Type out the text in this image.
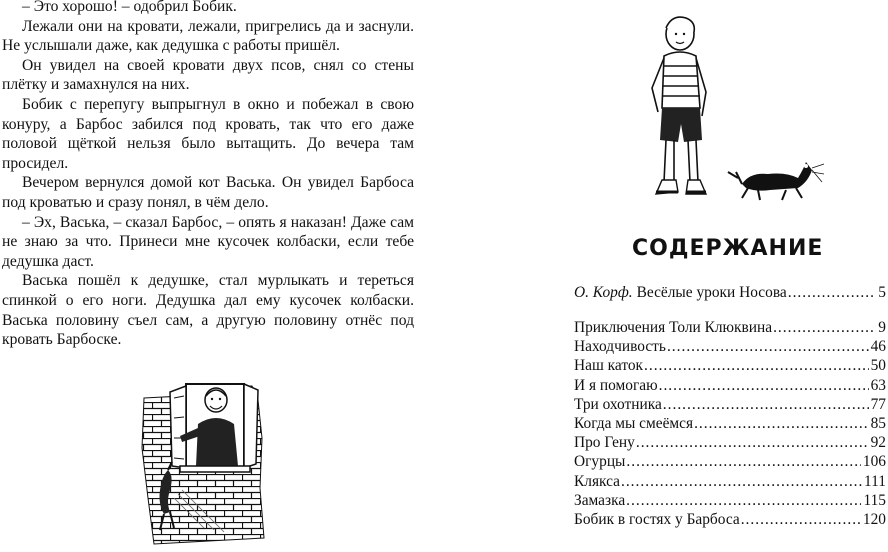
– Это хорошо! – одобрил Бобик.

Лежали они на кровати, лежали, пригрелись да и заснули. Не услышали даже, как дедушка с работы пришёл.

Он увидел на своей кровати двух псов, снял со стены плётку и замахнулся на них.

Бобик с перепугу выпрыгнул в окно и побежал в свою конуру, а Барбос забился под кровать, так что его даже половой щёткой нельзя было вытащить. До вечера там просидел.

Вечером вернулся домой кот Васька. Он увидел Барбоса под кроватью и сразу понял, в чём дело.

– Эх, Васька, – сказал Барбос, – опять я наказан! Даже сам не знаю за что. Принеси мне кусочек колбаски, если тебе дедушка даст.

Васька пошёл к дедушке, стал мурлыкать и тереться спинкой о его ноги. Дедушка дал ему кусочек колбаски. Васька половину съел сам, а другую половину отнёс под кровать Барбоске.

СОДЕРЖАНИЕ
О. Корф. Весёлые уроки Носова .....	5
Приключения Толи Клюквина .....	9
Находчивость .....	46
Наш каток .....	50
И я помогаю .....	63
Три охотника .....	77
Когда мы смеёмся .....	85
Про Гену .....	92
Огурцы .....	106
Клякса .....	111
Замазка .....	115
Бобик в гостях у Барбоса .....	120
